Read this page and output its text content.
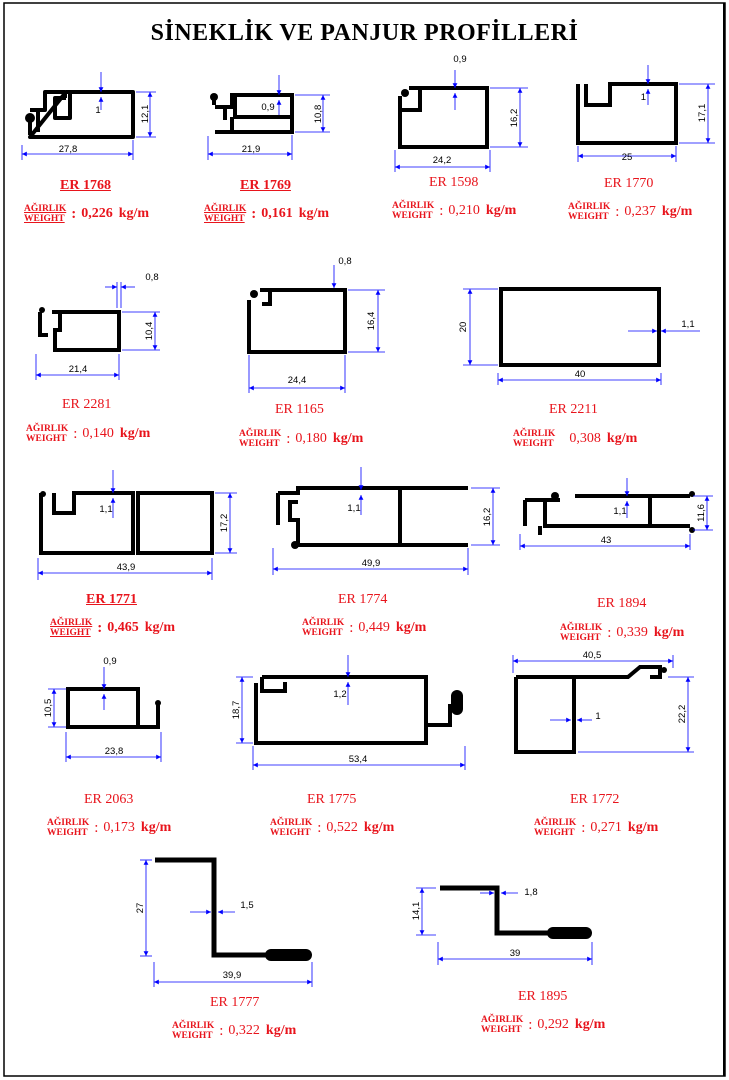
SİNEKLİK VE PANJUR PROFİLLERİ
27,8
12,1
1
21,9
10,8
0,9
24,2
16,2
0,9
25
17,1
1
21,4
10,4
0,8
24,4
16,4
0,8
40
20	1,1
43,9
17,2
1,1
49,9
16,2
1,1
43
11,6
1,1
23,8
10,5
0,9
53,4
18,7
1,2
40,5
22,2
1
39,9
27	1,5
39
14,1
1,8
ER 1768
AĞIRLIK
WEIGHT : 0,226 kg/m
ER 1769
AĞIRLIK
WEIGHT : 0,161 kg/m
ER 1598
AĞIRLIK
WEIGHT : 0,210 kg/m
ER 1770
AĞIRLIK
WEIGHT : 0,237 kg/m
ER 2281
AĞIRLIK
WEIGHT : 0,140 kg/m
ER 1165
AĞIRLIK
WEIGHT : 0,180 kg/m
ER 2211
AĞIRLIK
WEIGHT 0,308 kg/m
ER 1771
AĞIRLIK
WEIGHT : 0,465 kg/m
ER 1774
AĞIRLIK
WEIGHT : 0,449 kg/m
ER 1894
AĞIRLIK
WEIGHT : 0,339 kg/m
ER 2063
AĞIRLIK
WEIGHT : 0,173 kg/m
ER 1775
AĞIRLIK
WEIGHT : 0,522 kg/m
ER 1772
AĞIRLIK
WEIGHT : 0,271 kg/m
ER 1777
AĞIRLIK
WEIGHT : 0,322 kg/m
ER 1895
AĞIRLIK
WEIGHT : 0,292 kg/m
